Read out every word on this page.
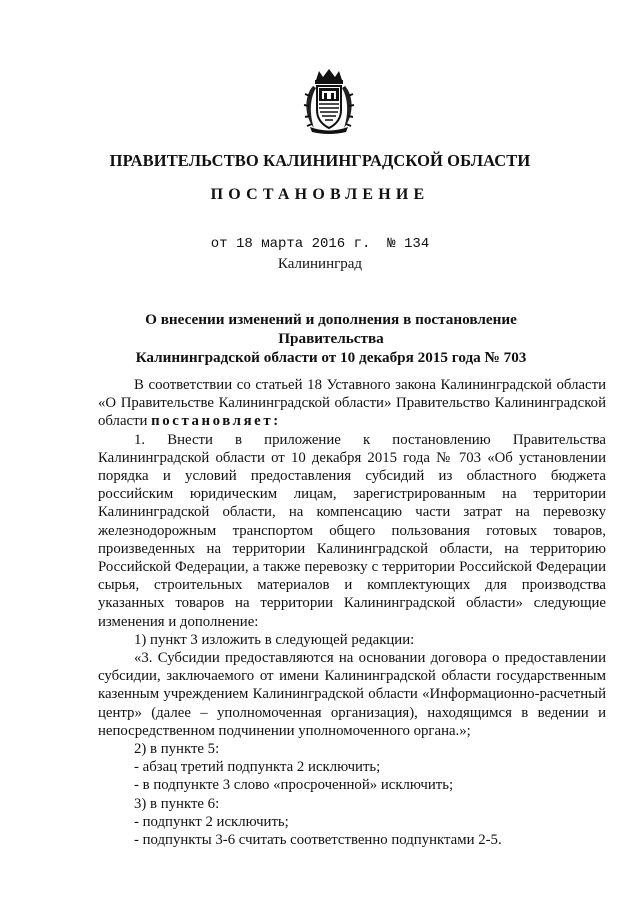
ПРАВИТЕЛЬСТВО КАЛИНИНГРАДСКОЙ ОБЛАСТИ
ПОСТАНОВЛЕНИЕ
от 18 марта 2016 г.  № 134
Калининград
О внесении изменений и дополнения в постановление Правительства
Калининградской области от 10 декабря 2015 года № 703

В соответствии со статьей 18 Уставного закона Калининградской области «О Правительстве Калининградской области» Правительство Калининградской области постановляет:

1. Внести в приложение к постановлению Правительства Калининградской области от 10 декабря 2015 года № 703 «Об установлении порядка и условий предоставления субсидий из областного бюджета российским юридическим лицам, зарегистрированным на территории Калининградской области, на компенсацию части затрат на перевозку железнодорожным транспортом общего пользования готовых товаров, произведенных на территории Калининградской области, на территорию Российской Федерации, а также перевозку с территории Российской Федерации сырья, строительных материалов и комплектующих для производства указанных товаров на территории Калининградской области» следующие изменения и дополнение:

1) пункт 3 изложить в следующей редакции:

«3. Субсидии предоставляются на основании договора о предоставлении субсидии, заключаемого от имени Калининградской области государственным казенным учреждением Калининградской области «Информационно-расчетный центр» (далее – уполномоченная организация), находящимся в ведении и непосредственном подчинении уполномоченного органа.»;

2) в пункте 5:

- абзац третий подпункта 2 исключить;

- в подпункте 3 слово «просроченной» исключить;

3) в пункте 6:

- подпункт 2 исключить;

- подпункты 3-6 считать соответственно подпунктами 2-5.
